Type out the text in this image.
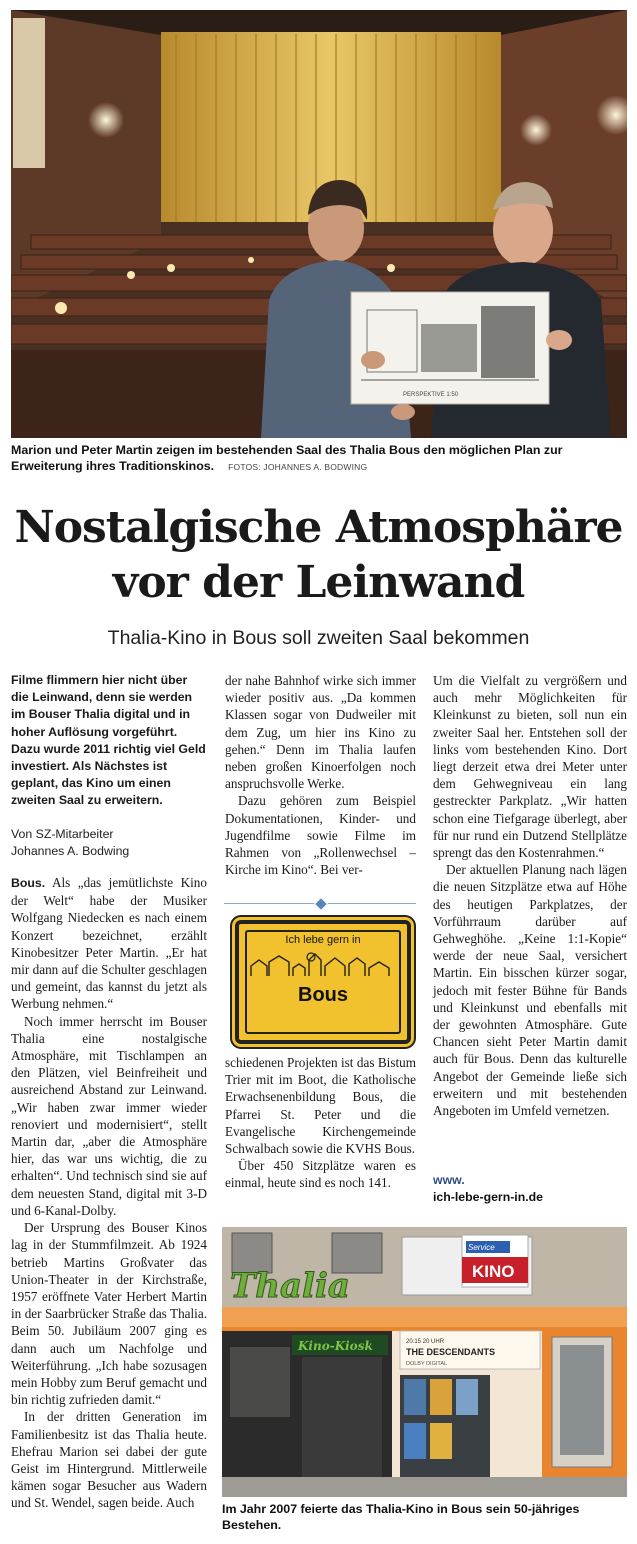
PERSPEKTIVE 1:50
Marion und Peter Martin zeigen im bestehenden Saal des Thalia Bous den möglichen Plan zur Erweiterung ihres Traditionskinos. FOTOS: JOHANNES A. BODWING
Nostalgische Atmosphäre
vor der Leinwand
Thalia-Kino in Bous soll zweiten Saal bekommen

Filme flimmern hier nicht über die Leinwand, denn sie werden im Bouser Thalia digital und in hoher Auflösung vorgeführt. Dazu wurde 2011 richtig viel Geld investiert. Als Nächstes ist geplant, das Kino um einen zweiten Saal zu erweitern.

Von SZ-Mitarbeiter
Johannes A. Bodwing

Bous. Als „das jemütlichste Kino der Welt“ habe der Musiker Wolfgang Niedecken es nach einem Konzert bezeichnet, erzählt Kinobesitzer Peter Martin. „Er hat mir dann auf die Schulter geschlagen und gemeint, das kannst du jetzt als Werbung nehmen.“

Noch immer herrscht im Bouser Thalia eine nostalgische Atmosphäre, mit Tischlampen an den Plätzen, viel Beinfreiheit und ausreichend Abstand zur Leinwand. „Wir haben zwar immer wieder renoviert und modernisiert“, stellt Martin dar, „aber die Atmosphäre hier, das war uns wichtig, die zu erhalten“. Und technisch sind sie auf dem neuesten Stand, digital mit 3-D und 6-Kanal-Dolby.

Der Ursprung des Bouser Kinos lag in der Stummfilmzeit. Ab 1924 betrieb Martins Großvater das Union-Theater in der Kirchstraße, 1957 eröffnete Vater Herbert Martin in der Saarbrücker Straße das Thalia. Beim 50. Jubiläum 2007 ging es dann auch um Nachfolge und Weiterführung. „Ich habe sozusagen mein Hobby zum Beruf gemacht und bin richtig zufrieden damit.“

In der dritten Generation im Familienbesitz ist das Thalia heute. Ehefrau Marion sei dabei der gute Geist im Hintergrund. Mittlerweile kämen sogar Besucher aus Wadern und St. Wendel, sagen beide. Auch

der nahe Bahnhof wirke sich immer wieder positiv aus. „Da kommen Klassen sogar von Dudweiler mit dem Zug, um hier ins Kino zu gehen.“ Denn im Thalia laufen neben großen Kinoerfolgen noch anspruchsvolle Werke.

Dazu gehören zum Beispiel Dokumentationen, Kinder- und Jugendfilme sowie Filme im Rahmen von „Rollenwechsel – Kirche im Kino“. Bei ver-

Ich lebe gern in
Bous

schiedenen Projekten ist das Bistum Trier mit im Boot, die Katholische Erwachsenenbildung Bous, die Pfarrei St. Peter und die Evangelische Kirchengemeinde Schwalbach sowie die KVHS Bous.

Über 450 Sitzplätze waren es einmal, heute sind es noch 141.

Um die Vielfalt zu vergrößern und auch mehr Möglichkeiten für Kleinkunst zu bieten, soll nun ein zweiter Saal her. Entstehen soll der links vom bestehenden Kino. Dort liegt derzeit etwa drei Meter unter dem Gehwegniveau ein lang gestreckter Parkplatz. „Wir hatten schon eine Tiefgarage überlegt, aber für nur rund ein Dutzend Stellplätze sprengt das den Kostenrahmen.“

Der aktuellen Planung nach lägen die neuen Sitzplätze etwa auf Höhe des heutigen Parkplatzes, der Vorführraum darüber auf Gehweghöhe. „Keine 1:1-Kopie“ werde der neue Saal, versichert Martin. Ein bisschen kürzer sogar, jedoch mit fester Bühne für Bands und Kleinkunst und ebenfalls mit der gewohnten Atmosphäre. Gute Chancen sieht Peter Martin damit auch für Bous. Denn das kulturelle Angebot der Gemeinde ließe sich erweitern und mit bestehenden Angeboten im Umfeld vernetzen.

www.
ich-lebe-gern-in.de
Service
KINO
Thalia
Kino-Kiosk	20:15 20 UHR
THE DESCENDANTS
DOLBY DIGITAL
Im Jahr 2007 feierte das Thalia-Kino in Bous sein 50-jähriges Bestehen.
